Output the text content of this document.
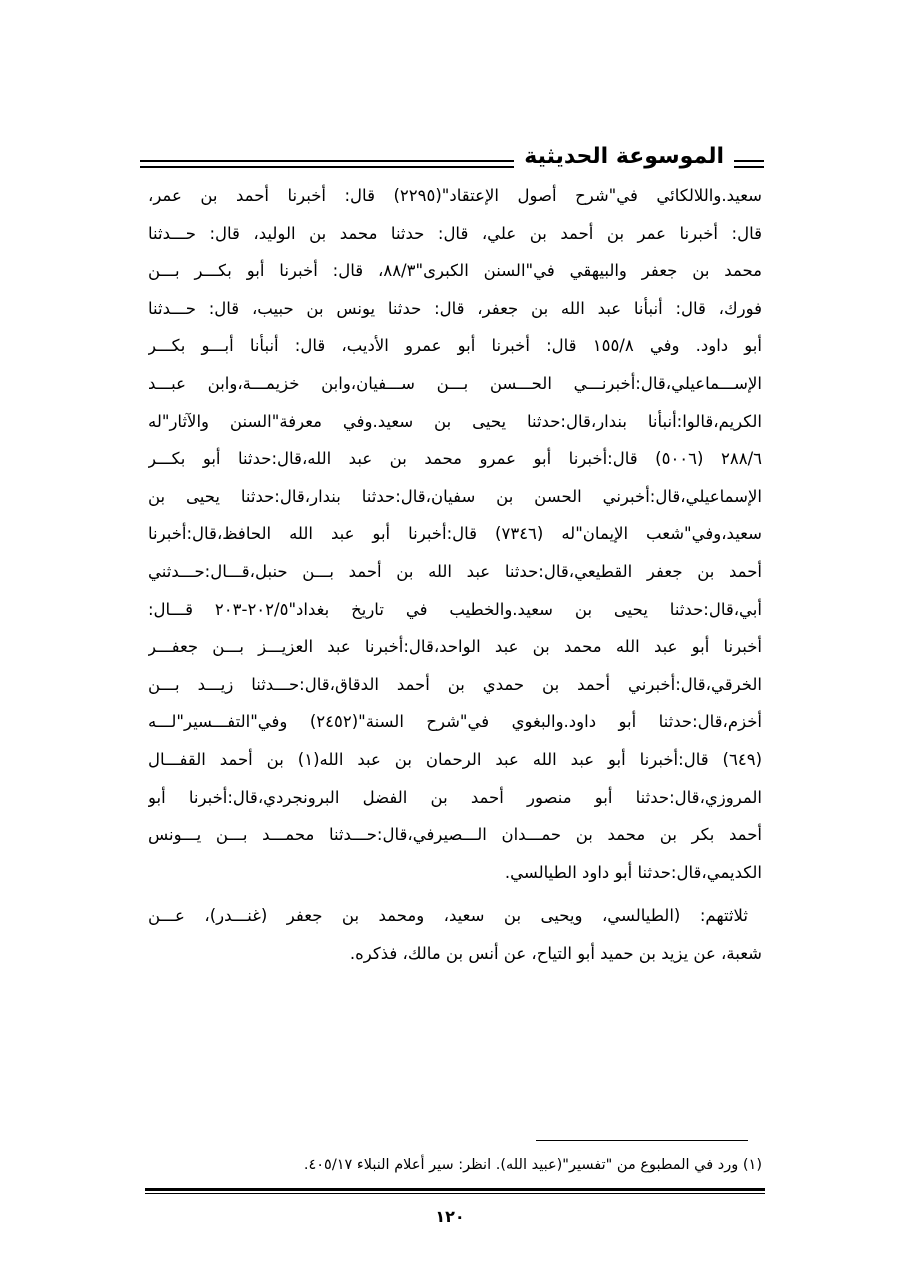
الموسوعة الحديثية
سعيد.واللالكائي في"شرح أصول الإعتقاد"(٢٢٩٥) قال: أخبرنا أحمد بن عمر،
قال: أخبرنا عمر بن أحمد بن علي، قال: حدثنا محمد بن الوليد، قال: حـــدثنا
محمد بن جعفر والبيهقي في"السنن الكبرى"٨٨/٣، قال: أخبرنا أبو بكـــر بـــن
فورك، قال: أنبأنا عبد الله بن جعفر، قال: حدثنا يونس بن حبيب، قال: حـــدثنا
أبو داود. وفي ١٥٥/٨ قال: أخبرنا أبو عمرو الأديب، قال: أنبأنا أبـــو بكـــر
الإســـماعيلي،قال:أخبرنـــي الحـــسن بـــن ســـفيان،وابن خزيمـــة،وابن عبـــد
الكريم،قالوا:أنبأنا بندار،قال:حدثنا يحيى بن سعيد.وفي معرفة"السنن والآثار"له
٢٨٨/٦ (٥٠٠٦) قال:أخبرنا أبو عمرو محمد بن عبد الله،قال:حدثنا أبو بكـــر
الإسماعيلي،قال:أخبرني الحسن بن سفيان،قال:حدثنا بندار،قال:حدثنا يحيى بن
سعيد،وفي"شعب الإيمان"له (٧٣٤٦) قال:أخبرنا أبو عبد الله الحافظ،قال:أخبرنا
أحمد بن جعفر القطيعي،قال:حدثنا عبد الله بن أحمد بـــن حنبل،قـــال:حـــدثني
أبي،قال:حدثنا يحيى بن سعيد.والخطيب في تاريخ بغداد"٢٠٢/٥-٢٠٣ قـــال:
أخبرنا أبو عبد الله محمد بن عبد الواحد،قال:أخبرنا عبد العزيـــز بـــن جعفـــر
الخرقي،قال:أخبرني أحمد بن حمدي بن أحمد الدقاق،قال:حـــدثنا زيـــد بـــن
أخزم،قال:حدثنا أبو داود.والبغوي في"شرح السنة"(٢٤٥٢) وفي"التفـــسير"لـــه
(٦٤٩) قال:أخبرنا أبو عبد الله عبد الرحمان بن عبد الله(١) بن أحمد القفـــال
المروزي،قال:حدثنا أبو منصور أحمد بن الفضل البرونجردي،قال:أخبرنا أبو
أحمد بكر بن محمد بن حمـــدان الـــصيرفي،قال:حـــدثنا محمـــد بـــن يـــونس
الكديمي،قال:حدثنا أبو داود الطيالسي.
ثلاثتهم: (الطيالسي، ويحيى بن سعيد، ومحمد بن جعفر (غنـــدر)، عـــن
شعبة، عن يزيد بن حميد أبو التياح، عن أنس بن مالك، فذكره.
(١) ورد في المطبوع من "تفسير"(عبيد الله). انظر: سير أعلام النبلاء ٤٠٥/١٧.
١٢٠
